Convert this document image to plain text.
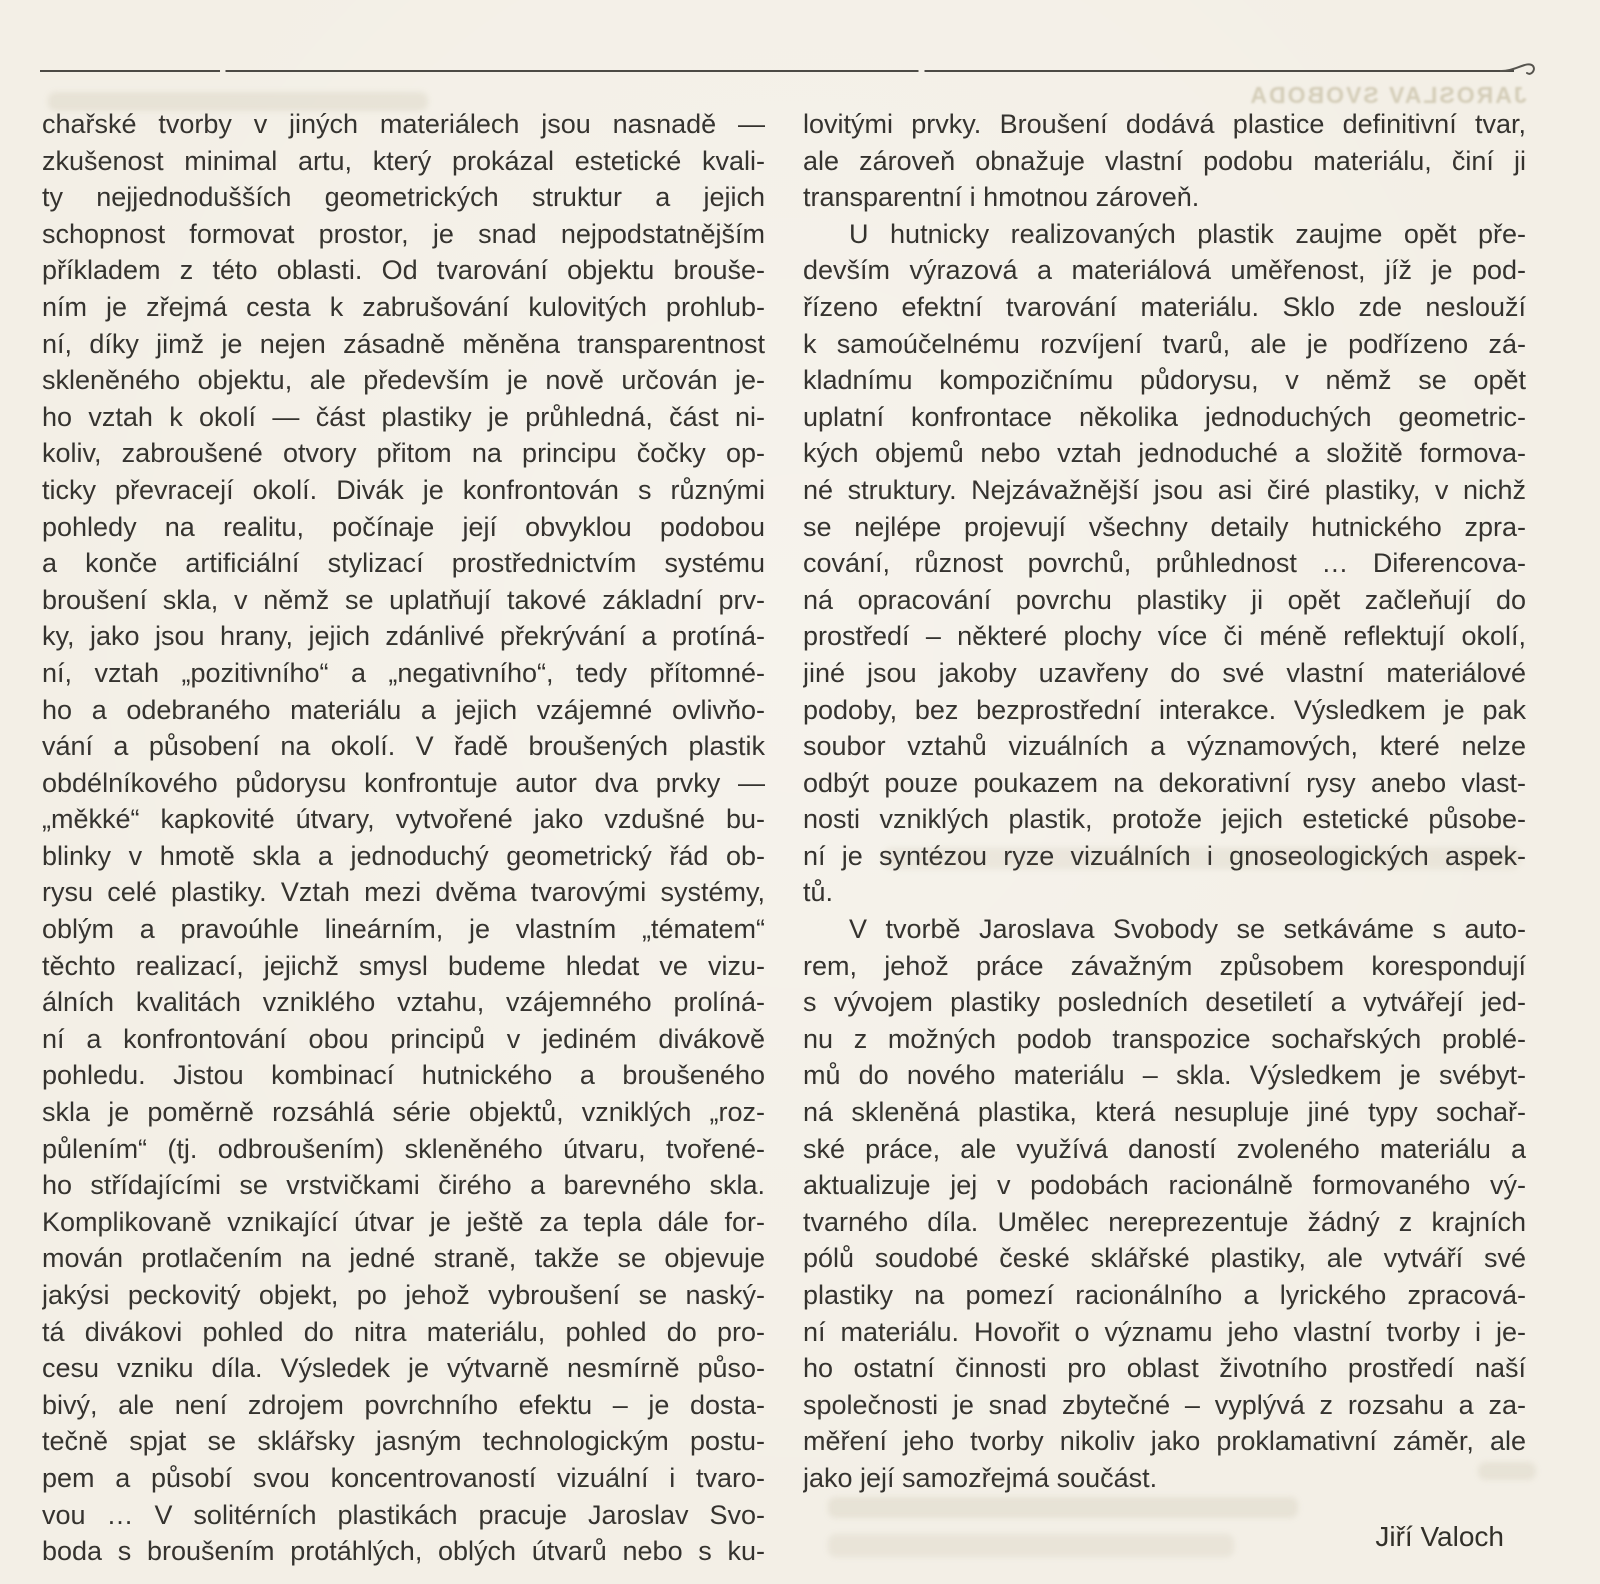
JAROSLAV SVOBODA
chařské tvorby v jiných materiálech jsou nasnadě —
zkušenost minimal artu, který prokázal estetické kvali-
ty nejjednodušších geometrických struktur a jejich
schopnost formovat prostor, je snad nejpodstatnějším
příkladem z této oblasti. Od tvarování objektu brouše-
ním je zřejmá cesta k zabrušování kulovitých prohlub-
ní, díky jimž je nejen zásadně měněna transparentnost
skleněného objektu, ale především je nově určován je-
ho vztah k okolí — část plastiky je průhledná, část ni-
koliv, zabroušené otvory přitom na principu čočky op-
ticky převracejí okolí. Divák je konfrontován s různými
pohledy na realitu, počínaje její obvyklou podobou
a konče artificiální stylizací prostřednictvím systému
broušení skla, v němž se uplatňují takové základní prv-
ky, jako jsou hrany, jejich zdánlivé překrývání a protíná-
ní, vztah „pozitivního“ a „negativního“, tedy přítomné-
ho a odebraného materiálu a jejich vzájemné ovlivňo-
vání a působení na okolí. V řadě broušených plastik
obdélníkového půdorysu konfrontuje autor dva prvky —
„měkké“ kapkovité útvary, vytvořené jako vzdušné bu-
blinky v hmotě skla a jednoduchý geometrický řád ob-
rysu celé plastiky. Vztah mezi dvěma tvarovými systémy,
oblým a pravoúhle lineárním, je vlastním „tématem“
těchto realizací, jejichž smysl budeme hledat ve vizu-
álních kvalitách vzniklého vztahu, vzájemného prolíná-
ní a konfrontování obou principů v jediném divákově
pohledu. Jistou kombinací hutnického a broušeného
skla je poměrně rozsáhlá série objektů, vzniklých „roz-
půlením“ (tj. odbroušením) skleněného útvaru, tvořené-
ho střídajícími se vrstvičkami čirého a barevného skla.
Komplikovaně vznikající útvar je ještě za tepla dále for-
mován protlačením na jedné straně, takže se objevuje
jakýsi peckovitý objekt, po jehož vybroušení se naský-
tá divákovi pohled do nitra materiálu, pohled do pro-
cesu vzniku díla. Výsledek je výtvarně nesmírně půso-
bivý, ale není zdrojem povrchního efektu – je dosta-
tečně spjat se sklářsky jasným technologickým postu-
pem a působí svou koncentrovaností vizuální i tvaro-
vou … V solitérních plastikách pracuje Jaroslav Svo-
boda s broušením protáhlých, oblých útvarů nebo s ku-
lovitými prvky. Broušení dodává plastice definitivní tvar,
ale zároveň obnažuje vlastní podobu materiálu, činí ji
transparentní i hmotnou zároveň.
U hutnicky realizovaných plastik zaujme opět pře-
devším výrazová a materiálová uměřenost, jíž je pod-
řízeno efektní tvarování materiálu. Sklo zde neslouží
k samoúčelnému rozvíjení tvarů, ale je podřízeno zá-
kladnímu kompozičnímu půdorysu, v němž se opět
uplatní konfrontace několika jednoduchých geometric-
kých objemů nebo vztah jednoduché a složitě formova-
né struktury. Nejzávažnější jsou asi čiré plastiky, v nichž
se nejlépe projevují všechny detaily hutnického zpra-
cování, různost povrchů, průhlednost … Diferencova-
ná opracování povrchu plastiky ji opět začleňují do
prostředí – některé plochy více či méně reflektují okolí,
jiné jsou jakoby uzavřeny do své vlastní materiálové
podoby, bez bezprostřední interakce. Výsledkem je pak
soubor vztahů vizuálních a významových, které nelze
odbýt pouze poukazem na dekorativní rysy anebo vlast-
nosti vzniklých plastik, protože jejich estetické působe-
ní je syntézou ryze vizuálních i gnoseologických aspek-
tů.
V tvorbě Jaroslava Svobody se setkáváme s auto-
rem, jehož práce závažným způsobem korespondují
s vývojem plastiky posledních desetiletí a vytvářejí jed-
nu z možných podob transpozice sochařských problé-
mů do nového materiálu – skla. Výsledkem je svébyt-
ná skleněná plastika, která nesupluje jiné typy sochař-
ské práce, ale využívá daností zvoleného materiálu a
aktualizuje jej v podobách racionálně formovaného vý-
tvarného díla. Umělec nereprezentuje žádný z krajních
pólů soudobé české sklářské plastiky, ale vytváří své
plastiky na pomezí racionálního a lyrického zpracová-
ní materiálu. Hovořit o významu jeho vlastní tvorby i je-
ho ostatní činnosti pro oblast životního prostředí naší
společnosti je snad zbytečné – vyplývá z rozsahu a za-
měření jeho tvorby nikoliv jako proklamativní záměr, ale
jako její samozřejmá součást.
Jiří Valoch
